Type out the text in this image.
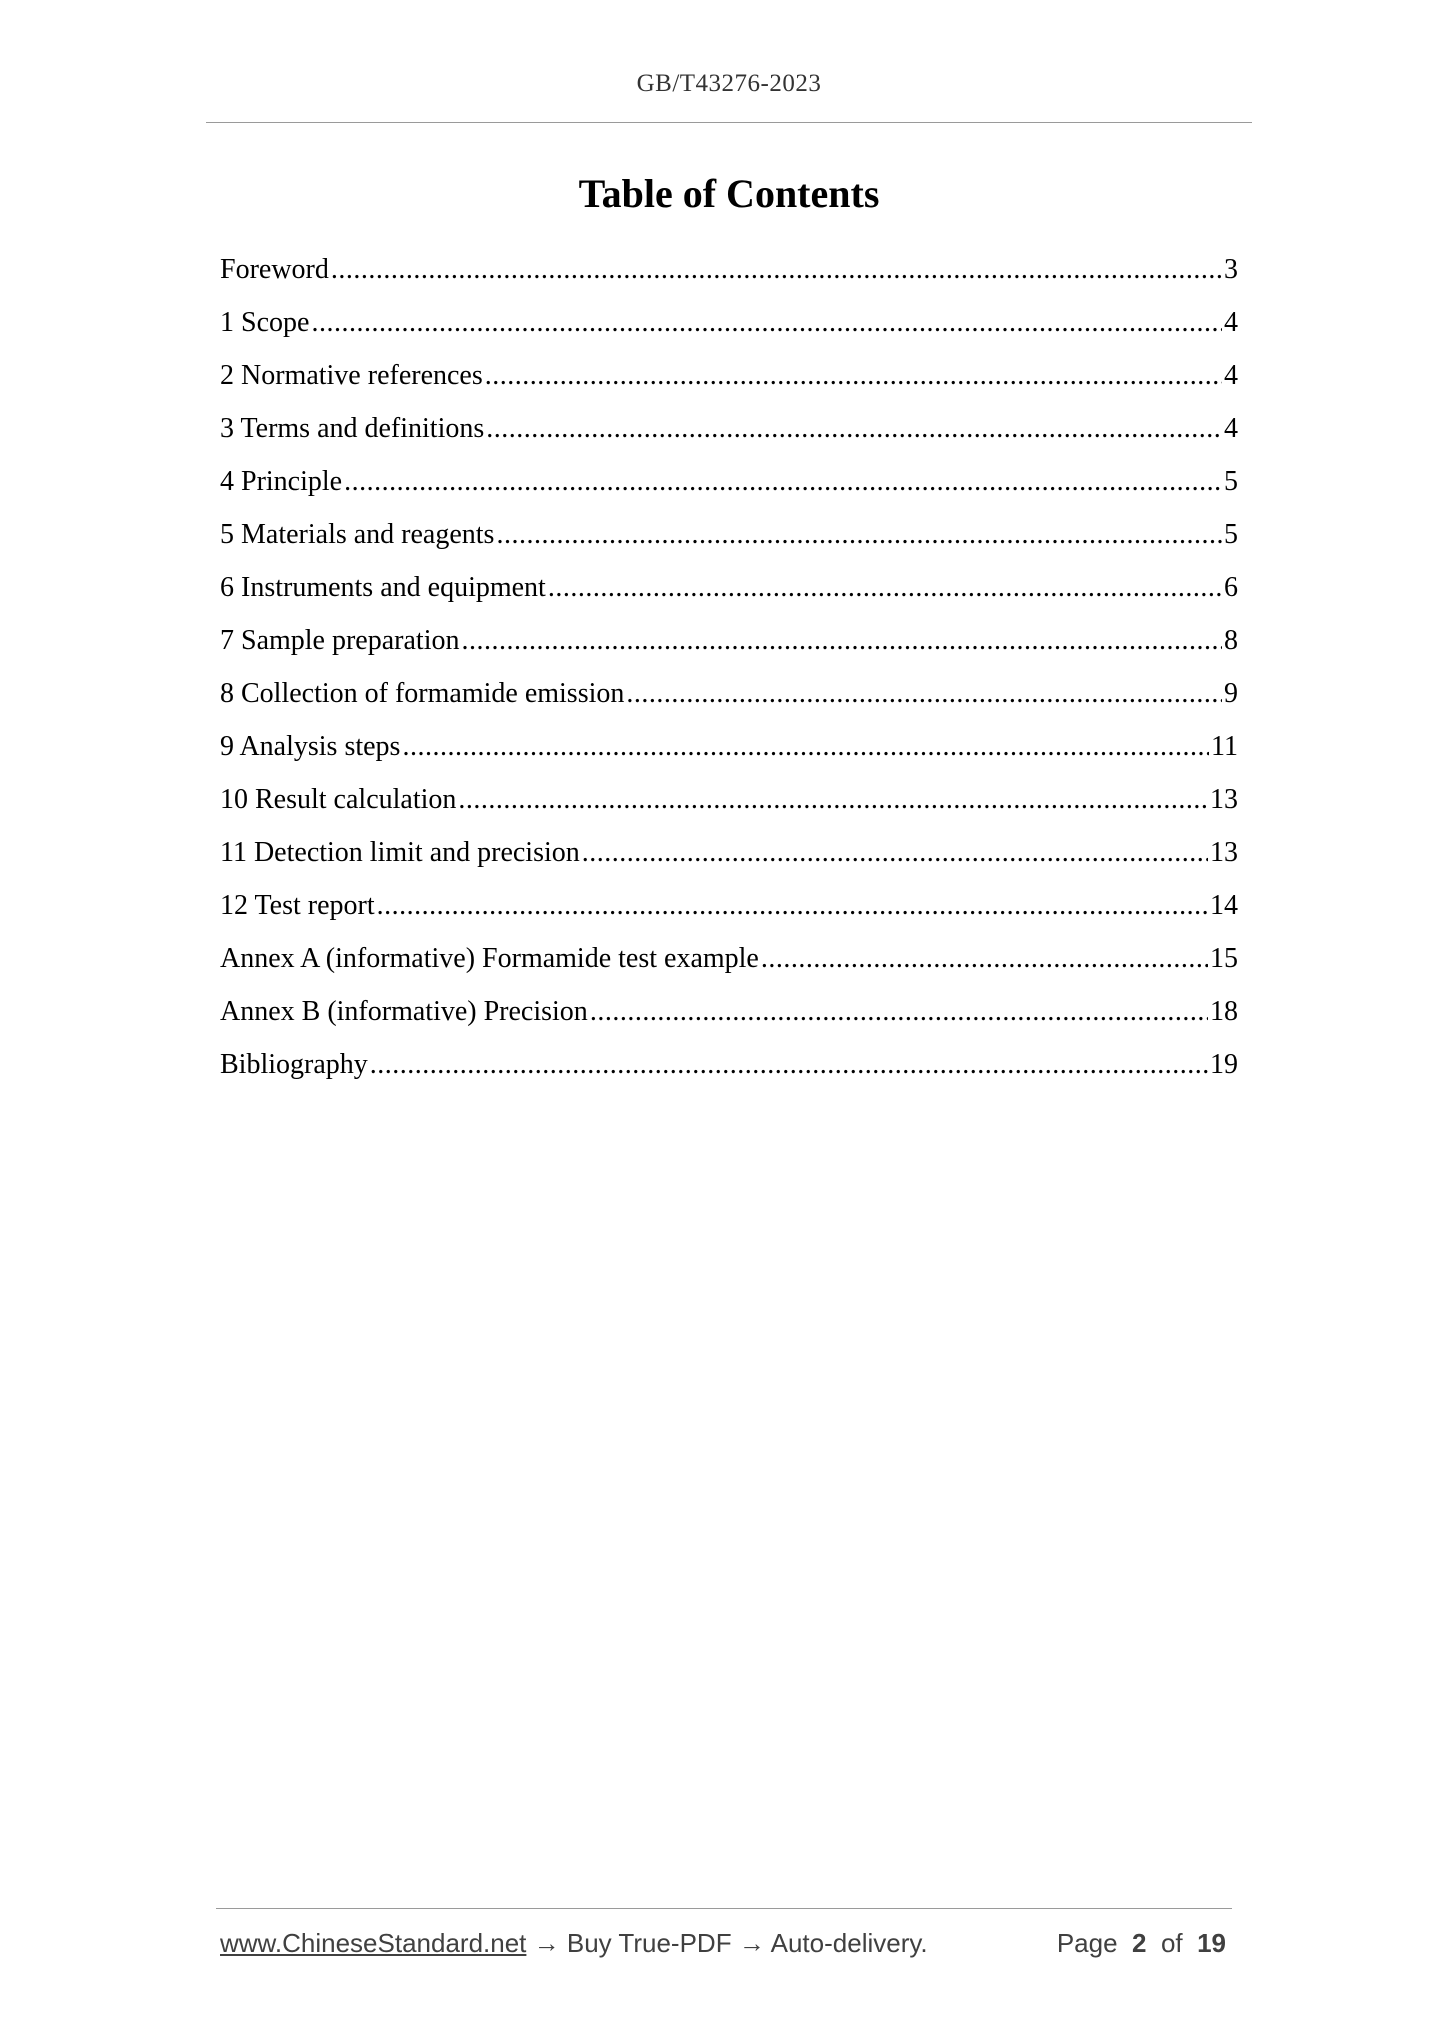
GB/T43276-2023
Table of Contents
Foreword .....	3
1 Scope .....	4
2 Normative references .....	4
3 Terms and definitions .....	4
4 Principle .....	5
5 Materials and reagents .....	5
6 Instruments and equipment .....	6
7 Sample preparation .....	8
8 Collection of formamide emission .....	9
9 Analysis steps .....	11
10 Result calculation .....	13
11 Detection limit and precision .....	13
12 Test report .....	14
Annex A (informative) Formamide test example .....	15
Annex B (informative) Precision .....	18
Bibliography .....	19
www.ChineseStandard.net → Buy True-PDF → Auto-delivery.	Page 2 of 19
